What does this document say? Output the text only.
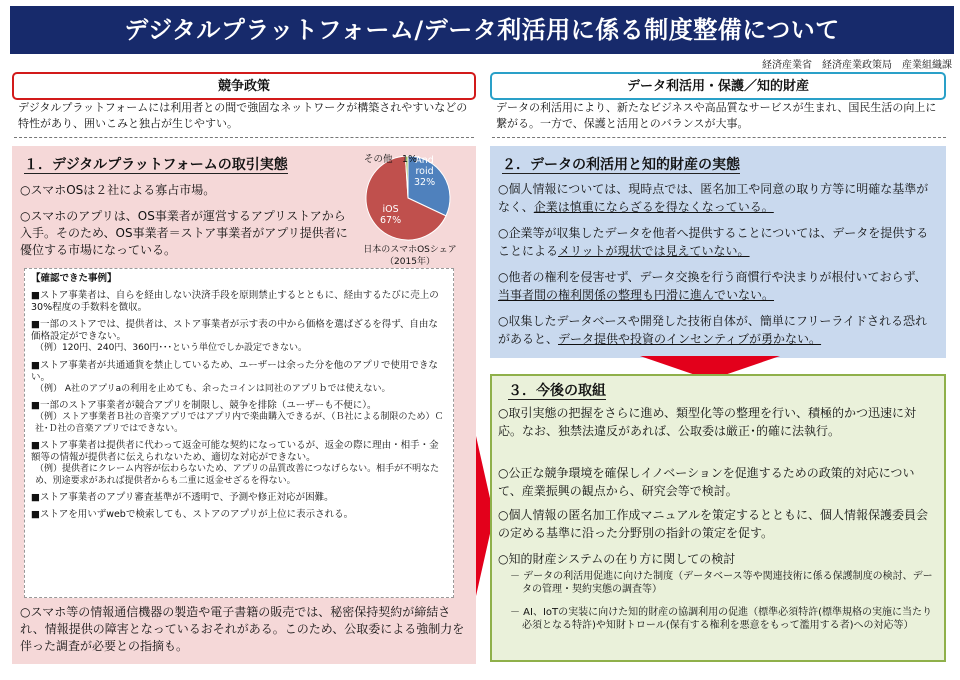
デジタルプラットフォーム/データ利活用に係る制度整備について
経済産業省　経済産業政策局　産業組織課
競争政策
デジタルプラットフォームには利用者との間で強固なネットワークが構築されやすいなどの特性があり、囲いこみと独占が生じやすい。
データ利活用・保護／知的財産
データの利活用により、新たなビジネスや高品質なサービスが生まれ、国民生活の向上に繋がる。一方で、保護と活用とのバランスが大事。
１．デジタルプラットフォームの取引実態
○スマホOSは２社による寡占市場。
○スマホのアプリは、OS事業者が運営するアプリストアから入手。そのため、OS事業者＝ストア事業者がアプリ提供者に優位する市場になっている。
iOS
67%
And
roid
32%
その他　1%
日本のスマホOSシェア（2015年）
【確認できた事例】
■ストア事業者は、自らを経由しない決済手段を原則禁止するとともに、経由するたびに売上の30%程度の手数料を徴収。
■一部のストアでは、提供者は、ストア事業者が示す表の中から価格を選ばざるを得ず、自由な価格設定ができない。
（例）120円、240円、360円･･･という単位でしか設定できない。
■ストア事業者が共通通貨を禁止しているため、ユーザーは余った分を他のアプリで使用できない。
（例） A社のアプリaの利用を止めても、余ったコインは同社のアプリｂでは使えない。
■一部のストア事業者が競合アプリを制限し、競争を排除（ユーザーも不便に）。
（例）ストア事業者Ｂ社の音楽アプリではアプリ内で楽曲購入できるが、（Ｂ社による制限のため）Ｃ社･Ｄ社の音楽アプリではできない。
■ストア事業者は提供者に代わって返金可能な契約になっているが、返金の際に理由・相手・金額等の情報が提供者に伝えられないため、適切な対応ができない。
（例）提供者にクレーム内容が伝わらないため、アプリの品質改善につなげらない。相手が不明なため、別途要求があれば提供者からも二重に返金せざるを得ない。
■ストア事業者のアプリ審査基準が不透明で、予測や修正対応が困難。
■ストアを用いずwebで検索しても、ストアのアプリが上位に表示される。
○スマホ等の情報通信機器の製造や電子書籍の販売では、秘密保持契約が締結され、情報提供の障害となっているおそれがある。このため、公取委による強制力を伴った調査が必要との指摘も。
２．データの利活用と知的財産の実態
○個人情報については、現時点では、匿名加工や同意の取り方等に明確な基準がなく、企業は慎重にならざるを得なくなっている。
○企業等が収集したデータを他者へ提供することについては、データを提供することによるメリットが現状では見えていない。
○他者の権利を侵害せず、データ交換を行う商慣行や決まりが根付いておらず、当事者間の権利関係の整理も円滑に進んでいない。
○収集したデータベースや開発した技術自体が、簡単にフリーライドされる恐れがあると、データ提供や投資のインセンティブが勇かない。
３．今後の取組
○取引実態の把握をさらに進め、類型化等の整理を行い、積極的かつ迅速に対応。なお、独禁法違反があれば、公取委は厳正･的確に法執行。
○公正な競争環境を確保しイノベーションを促進するための政策的対応について、産業振興の観点から、研究会等で検討。
○個人情報の匿名加工作成マニュアルを策定するとともに、個人情報保護委員会の定める基準に沿った分野別の指針の策定を促す。
○知的財産システムの在り方に関しての検討
－ データの利活用促進に向けた制度（データベース等や関連技術に係る保護制度の検討、データの管理・契約実態の調査等）
－ AI、IoTの実装に向けた知的財産の協調利用の促進（標準必須特許(標準規格の実施に当たり必須となる特許)や知財トロール(保有する権利を悪意をもって濫用する者)への対応等）
